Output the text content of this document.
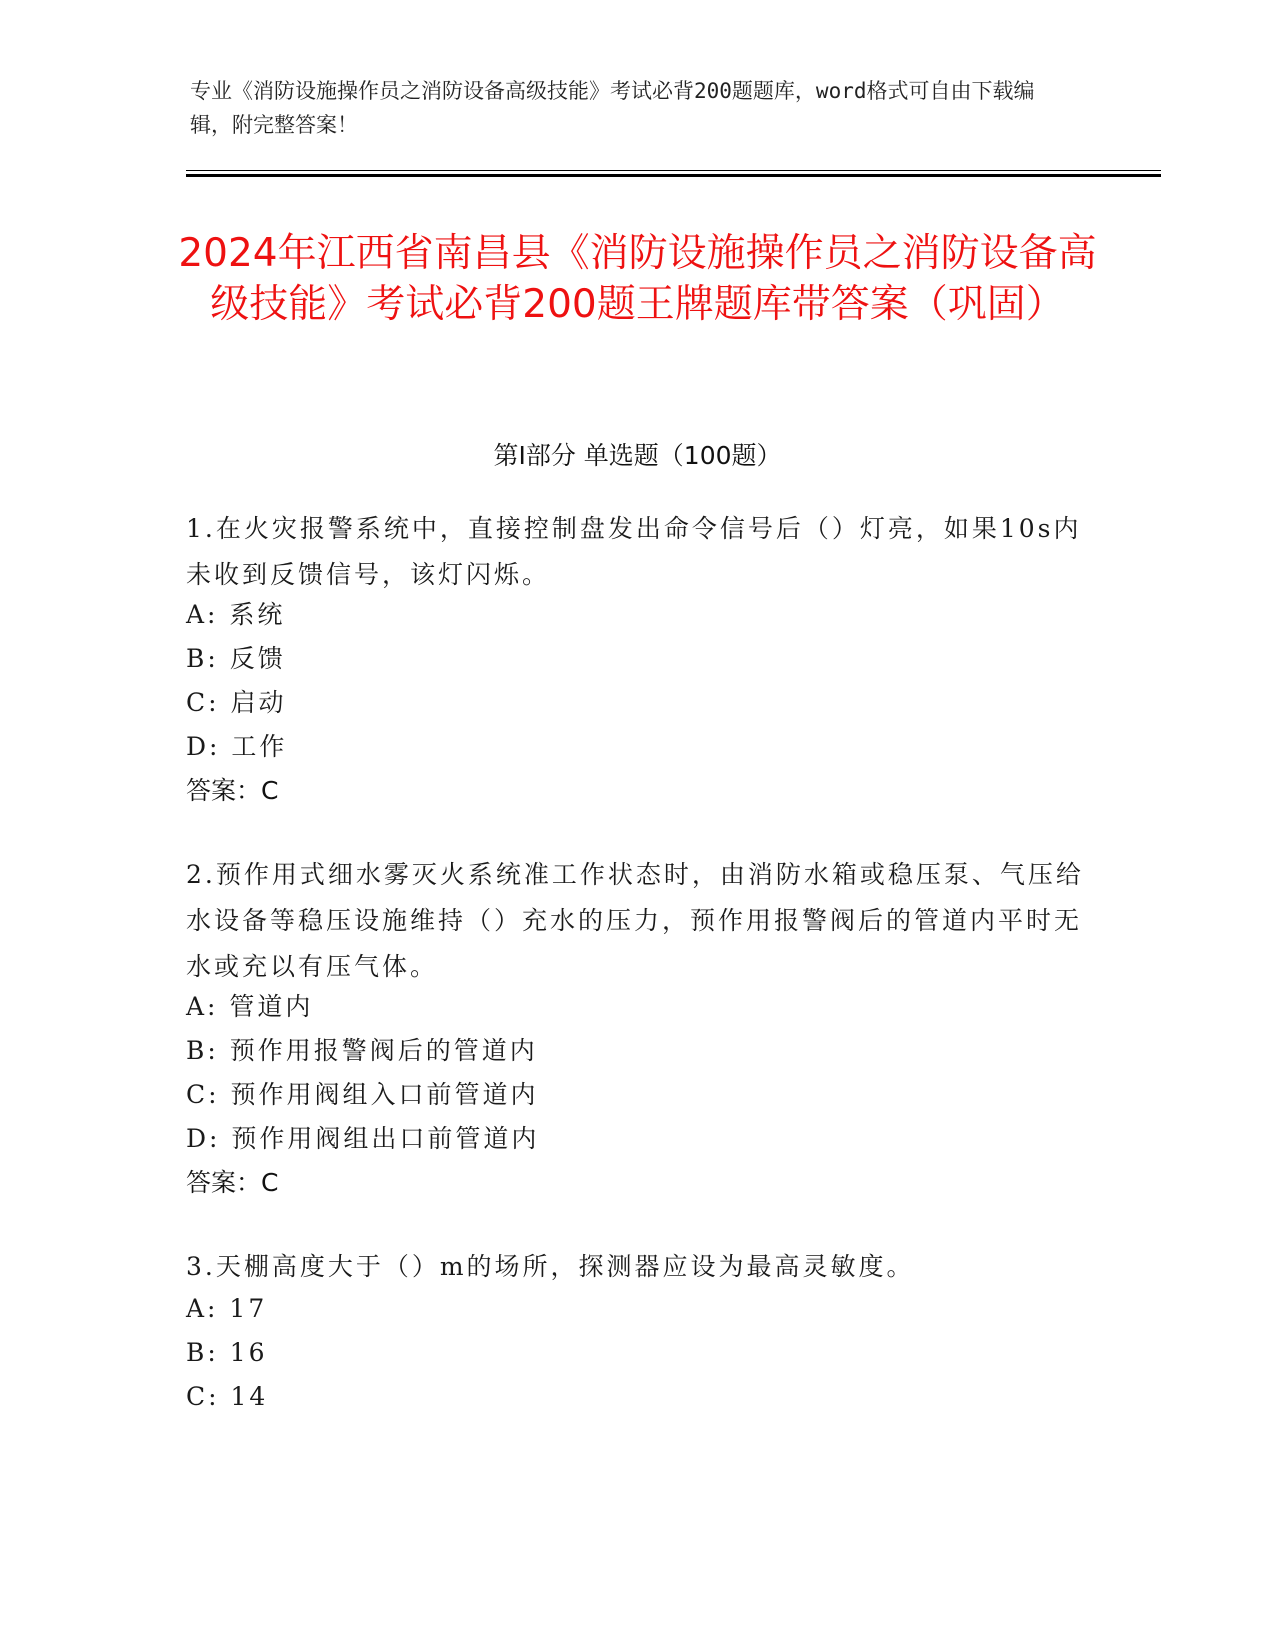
专业《消防设施操作员之消防设备高级技能》考试必背200题题库，word格式可自由下载编辑，附完整答案！
2024年江西省南昌县《消防设施操作员之消防设备高级技能》考试必背200题王牌题库带答案（巩固）
第Ⅰ部分 单选题（100题）
1.在火灾报警系统中，直接控制盘发出命令信号后（）灯亮，如果10s内未收到反馈信号，该灯闪烁。
A: 系统
B: 反馈
C: 启动
D: 工作
答案：C
2.预作用式细水雾灭火系统准工作状态时，由消防水箱或稳压泵、气压给水设备等稳压设施维持（）充水的压力，预作用报警阀后的管道内平时无水或充以有压气体。
A: 管道内
B: 预作用报警阀后的管道内
C: 预作用阀组入口前管道内
D: 预作用阀组出口前管道内
答案：C
3.天棚高度大于（）m的场所，探测器应设为最高灵敏度。
A: 17
B: 16
C: 14
